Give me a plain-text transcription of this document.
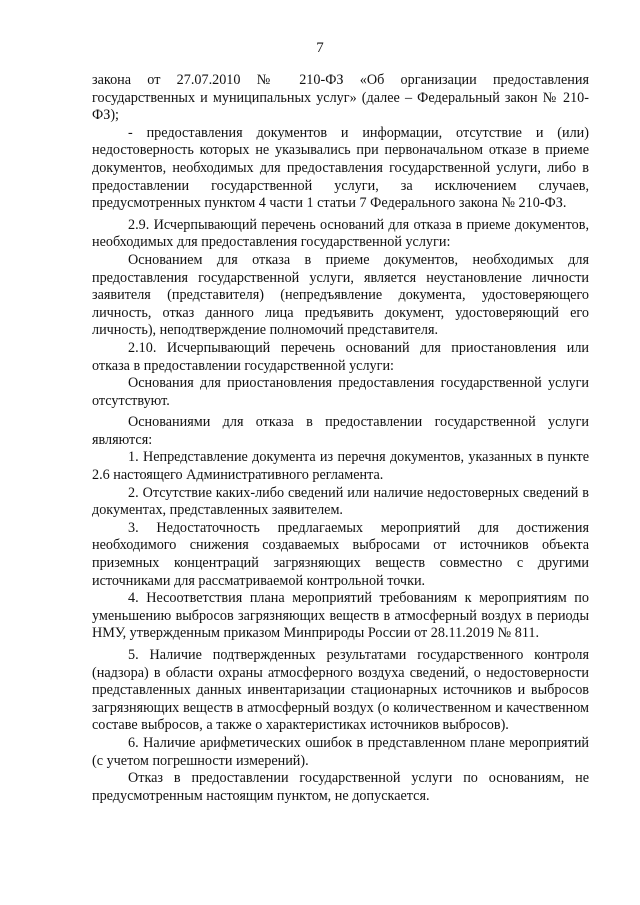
7

закона от 27.07.2010 № 210-ФЗ «Об организации предоставления государственных и муниципальных услуг» (далее – Федеральный закон № 210-ФЗ);

- предоставления документов и информации, отсутствие и (или) недостоверность которых не указывались при первоначальном отказе в приеме документов, необходимых для предоставления государственной услуги, либо в предоставлении государственной услуги, за исключением случаев, предусмотренных пунктом 4 части 1 статьи 7 Федерального закона № 210-ФЗ.

2.9. Исчерпывающий перечень оснований для отказа в приеме документов, необходимых для предоставления государственной услуги:

Основанием для отказа в приеме документов, необходимых для предоставления государственной услуги, является неустановление личности заявителя (представителя) (непредъявление документа, удостоверяющего личность, отказ данного лица предъявить документ, удостоверяющий его личность), неподтверждение полномочий представителя.

2.10. Исчерпывающий перечень оснований для приостановления или отказа в предоставлении государственной услуги:

Основания для приостановления предоставления государственной услуги отсутствуют.

Основаниями для отказа в предоставлении государственной услуги являются:

1. Непредставление документа из перечня документов, указанных в пункте 2.6 настоящего Административного регламента.

2. Отсутствие каких-либо сведений или наличие недостоверных сведений в документах, представленных заявителем.

3. Недостаточность предлагаемых мероприятий для достижения необходимого снижения создаваемых выбросами от источников объекта приземных концентраций загрязняющих веществ совместно с другими источниками для рассматриваемой контрольной точки.

4. Несоответствия плана мероприятий требованиям к мероприятиям по уменьшению выбросов загрязняющих веществ в атмосферный воздух в периоды НМУ, утвержденным приказом Минприроды России от 28.11.2019 № 811.

5. Наличие подтвержденных результатами государственного контроля (надзора) в области охраны атмосферного воздуха сведений, о недостоверности представленных данных инвентаризации стационарных источников и выбросов загрязняющих веществ в атмосферный воздух (о количественном и качественном составе выбросов, а также о характеристиках источников выбросов).

6. Наличие арифметических ошибок в представленном плане мероприятий (с учетом погрешности измерений).

Отказ в предоставлении государственной услуги по основаниям, не предусмотренным настоящим пунктом, не допускается.
